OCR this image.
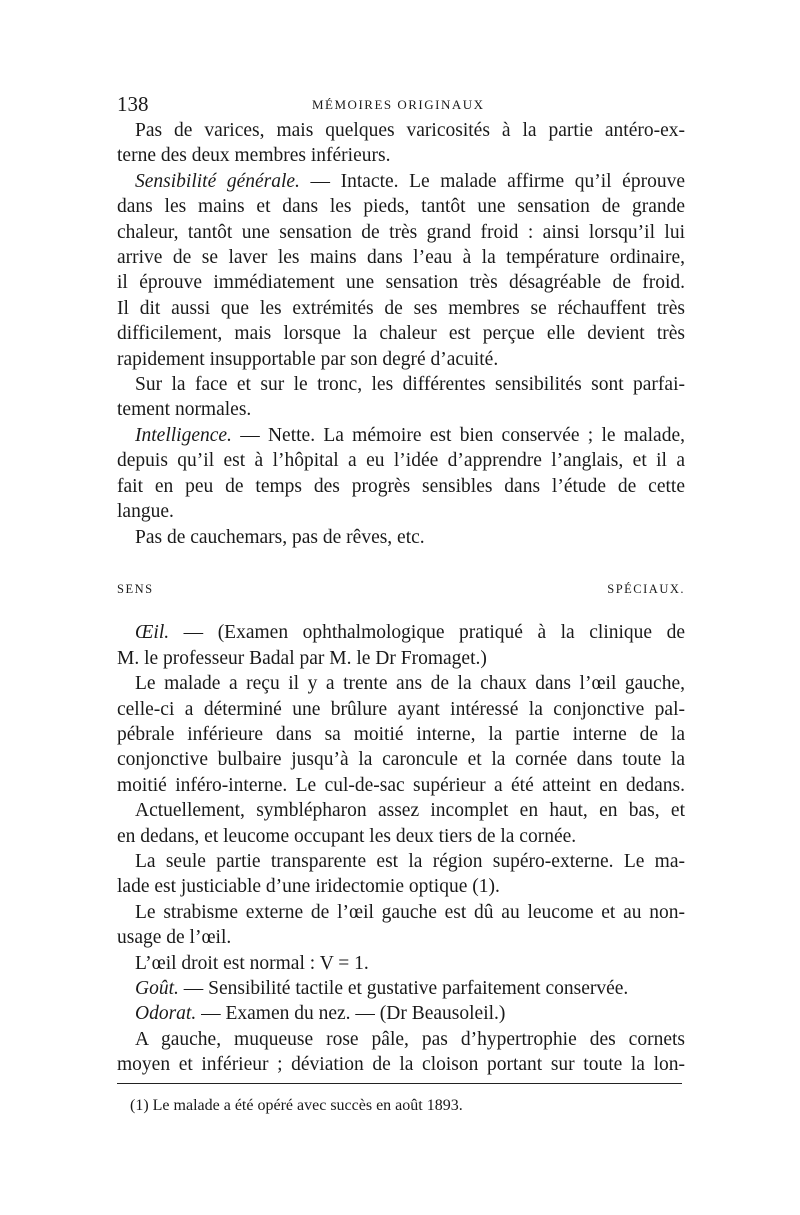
138	MÉMOIRES ORIGINAUX
Pas de varices, mais quelques varicosités à la partie antéro-ex-
terne des deux membres inférieurs.
Sensibilité générale. — Intacte. Le malade affirme qu’il éprouve
dans les mains et dans les pieds, tantôt une sensation de grande
chaleur, tantôt une sensation de très grand froid : ainsi lorsqu’il lui
arrive de se laver les mains dans l’eau à la température ordinaire,
il éprouve immédiatement une sensation très désagréable de froid.
Il dit aussi que les extrémités de ses membres se réchauffent très
difficilement, mais lorsque la chaleur est perçue elle devient très
rapidement insupportable par son degré d’acuité.
Sur la face et sur le tronc, les différentes sensibilités sont parfai-
tement normales.
Intelligence. — Nette. La mémoire est bien conservée ; le malade,
depuis qu’il est à l’hôpital a eu l’idée d’apprendre l’anglais, et il a
fait en peu de temps des progrès sensibles dans l’étude de cette
langue.
Pas de cauchemars, pas de rêves, etc.
SENS SPÉCIAUX.
Œil. — (Examen ophthalmologique pratiqué à la clinique de
M. le professeur Badal par M. le Dr Fromaget.)
Le malade a reçu il y a trente ans de la chaux dans l’œil gauche,
celle-ci a déterminé une brûlure ayant intéressé la conjonctive pal-
pébrale inférieure dans sa moitié interne, la partie interne de la
conjonctive bulbaire jusqu’à la caroncule et la cornée dans toute la
moitié inféro-interne. Le cul-de-sac supérieur a été atteint en dedans.
Actuellement, symblépharon assez incomplet en haut, en bas, et
en dedans, et leucome occupant les deux tiers de la cornée.
La seule partie transparente est la région supéro-externe. Le ma-
lade est justiciable d’une iridectomie optique (1).
Le strabisme externe de l’œil gauche est dû au leucome et au non-
usage de l’œil.
L’œil droit est normal : V = 1.
Goût. — Sensibilité tactile et gustative parfaitement conservée.
Odorat. — Examen du nez. — (Dr Beausoleil.)
A gauche, muqueuse rose pâle, pas d’hypertrophie des cornets
moyen et inférieur ; déviation de la cloison portant sur toute la lon-
(1) Le malade a été opéré avec succès en août 1893.
